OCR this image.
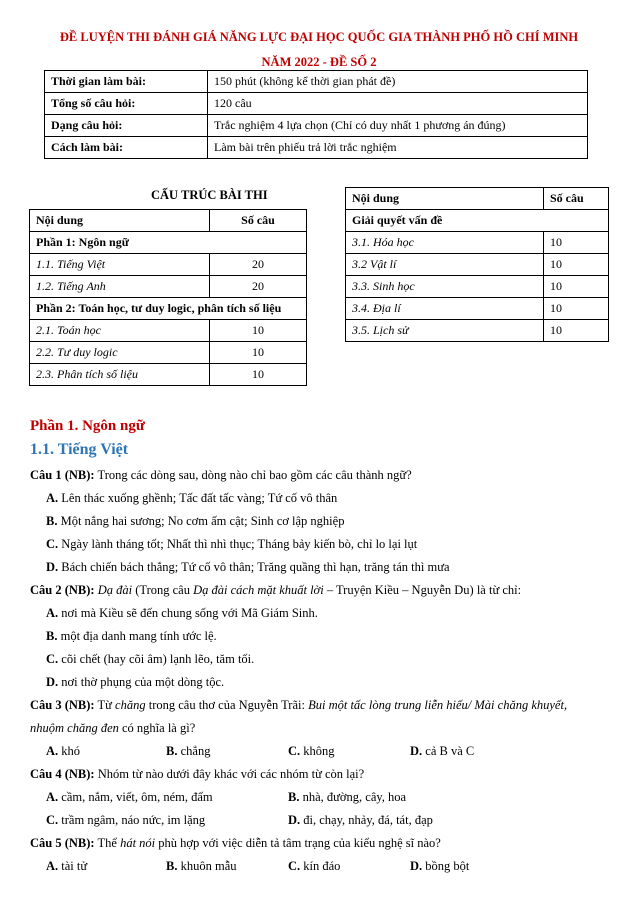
ĐỀ LUYỆN THI ĐÁNH GIÁ NĂNG LỰC ĐẠI HỌC QUỐC GIA THÀNH PHỐ HỒ CHÍ MINH
NĂM 2022 - ĐỀ SỐ 2
Thời gian làm bài:	150 phút (không kể thời gian phát đề)
Tổng số câu hỏi:	120 câu
Dạng câu hỏi:	Trắc nghiệm 4 lựa chọn (Chỉ có duy nhất 1 phương án đúng)
Cách làm bài:	Làm bài trên phiếu trả lời trắc nghiệm
CẤU TRÚC BÀI THI
Nội dung	Số câu
Phần 1: Ngôn ngữ	
1.1. Tiếng Việt	20
1.2. Tiếng Anh	20
Phần 2: Toán học, tư duy logic, phân tích số liệu	
2.1. Toán học	10
2.2. Tư duy logic	10
2.3. Phân tích số liệu	10
Nội dung	Số câu
Giải quyết vấn đề	
3.1. Hóa học	10
3.2 Vật lí	10
3.3. Sinh học	10
3.4. Địa lí	10
3.5. Lịch sử	10
Phần 1. Ngôn ngữ
1.1. Tiếng Việt
Câu 1 (NB): Trong các dòng sau, dòng nào chỉ bao gồm các câu thành ngữ?
A. Lên thác xuống ghềnh; Tấc đất tấc vàng; Tứ cố vô thân
B. Một nắng hai sương; No cơm ấm cật; Sinh cơ lập nghiệp
C. Ngày lành tháng tốt; Nhất thì nhì thục; Tháng bảy kiến bò, chỉ lo lại lụt
D. Bách chiến bách thắng; Tứ cố vô thân; Trăng quầng thì hạn, trăng tán thì mưa
Câu 2 (NB): Dạ đài (Trong câu Dạ đài cách mặt khuất lời – Truyện Kiều – Nguyễn Du) là từ chỉ:
A. nơi mà Kiều sẽ đến chung sống với Mã Giám Sinh.
B. một địa danh mang tính ước lệ.
C. cõi chết (hay cõi âm) lạnh lẽo, tăm tối.
D. nơi thờ phụng của một dòng tộc.
Câu 3 (NB): Từ chăng trong câu thơ của Nguyễn Trãi: Bui một tấc lòng trung liễn hiếu/ Mài chăng khuyết,
nhuộm chăng đen có nghĩa là gì?
A. khó	B. chẳng	C. không	D. cả B và C
Câu 4 (NB): Nhóm từ nào dưới đây khác với các nhóm từ còn lại?
A. cầm, nắm, viết, ôm, ném, đấm	B. nhà, đường, cây, hoa
C. trầm ngâm, náo nức, im lặng	D. đi, chạy, nhảy, đá, tát, đạp
Câu 5 (NB): Thể hát nói phù hợp với việc diễn tả tâm trạng của kiểu nghệ sĩ nào?
A. tài tử	B. khuôn mẫu	C. kín đáo	D. bồng bột
